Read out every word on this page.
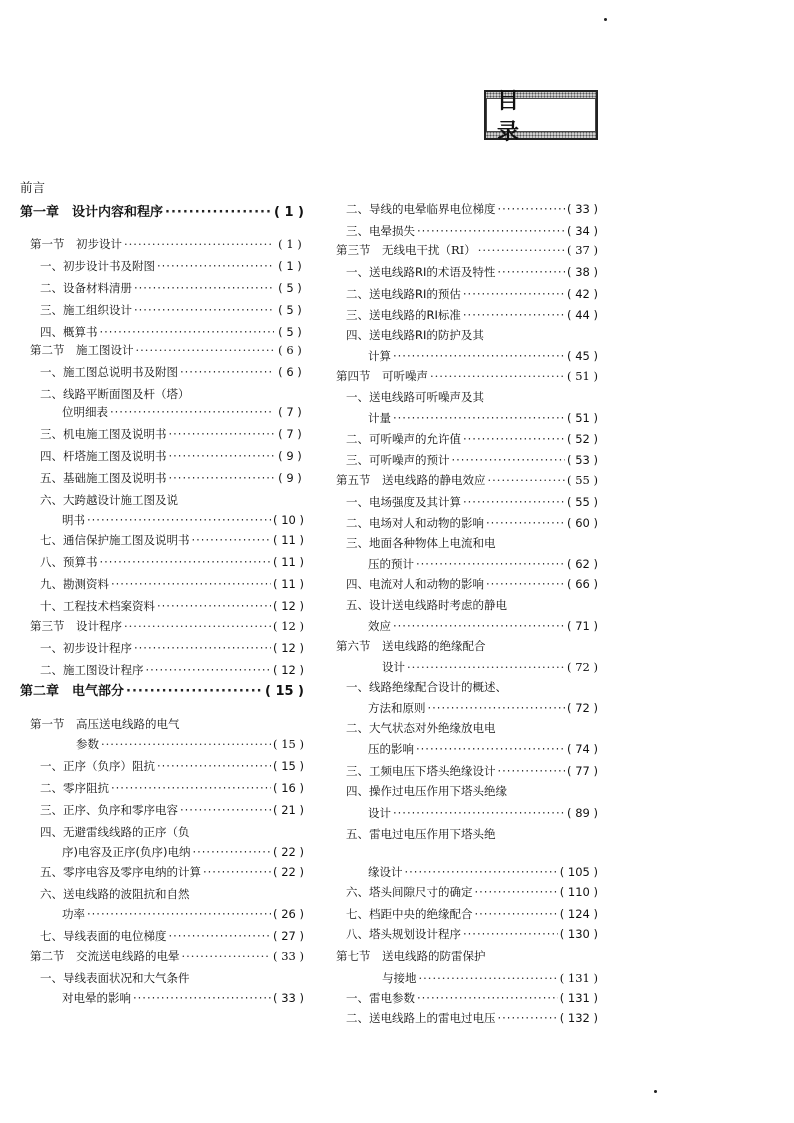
目 录
前言
第一章　设计内容和程序 ·····	( 1 )
第一节　初步设计 ·····	( 1 )
一、初步设计书及附图 ·····	( 1 )
二、设备材料清册 ·····	( 5 )
三、施工组织设计 ·····	( 5 )
四、概算书 ·····	( 5 )
第二节　施工图设计 ·····	( 6 )
一、施工图总说明书及附图 ·····	( 6 )
二、线路平断面图及杆（塔）
位明细表 ·····	( 7 )
三、机电施工图及说明书 ·····	( 7 )
四、杆塔施工图及说明书 ·····	( 9 )
五、基础施工图及说明书 ·····	( 9 )
六、大跨越设计施工图及说
明书 ·····	( 10 )
七、通信保护施工图及说明书 ·····	( 11 )
八、预算书 ·····	( 11 )
九、勘测资料 ·····	( 11 )
十、工程技术档案资料 ·····	( 12 )
第三节　设计程序 ·····	( 12 )
一、初步设计程序 ·····	( 12 )
二、施工图设计程序 ·····	( 12 )
第二章　电气部分 ·····	( 15 )
第一节　高压送电线路的电气
参数 ·····	( 15 )
一、正序（负序）阻抗 ·····	( 15 )
二、零序阻抗 ·····	( 16 )
三、正序、负序和零序电容 ·····	( 21 )
四、无避雷线线路的正序（负
序)电容及正序(负序)电纳 ·····	( 22 )
五、零序电容及零序电纳的计算 ·····	( 22 )
六、送电线路的波阻抗和自然
功率 ·····	( 26 )
七、导线表面的电位梯度 ·····	( 27 )
第二节　交流送电线路的电晕 ·····	( 33 )
一、导线表面状况和大气条件
对电晕的影响 ·····	( 33 )
二、导线的电晕临界电位梯度 ·····	( 33 )
三、电晕损失 ·····	( 34 )
第三节　无线电干扰（RI） ·····	( 37 )
一、送电线路RI的术语及特性 ·····	( 38 )
二、送电线路RI的预估 ·····	( 42 )
三、送电线路的RI标准 ·····	( 44 )
四、送电线路RI的防护及其
计算 ·····	( 45 )
第四节　可听噪声 ·····	( 51 )
一、送电线路可听噪声及其
计量 ·····	( 51 )
二、可听噪声的允许值 ·····	( 52 )
三、可听噪声的预计 ·····	( 53 )
第五节　送电线路的静电效应 ·····	( 55 )
一、电场强度及其计算 ·····	( 55 )
二、电场对人和动物的影响 ·····	( 60 )
三、地面各种物体上电流和电
压的预计 ·····	( 62 )
四、电流对人和动物的影响 ·····	( 66 )
五、设计送电线路时考虑的静电
效应 ·····	( 71 )
第六节　送电线路的绝缘配合
设计 ·····	( 72 )
一、线路绝缘配合设计的概述、
方法和原则 ·····	( 72 )
二、大气状态对外绝缘放电电
压的影响 ·····	( 74 )
三、工频电压下塔头绝缘设计 ·····	( 77 )
四、操作过电压作用下塔头绝缘
设计 ·····	( 89 )
五、雷电过电压作用下塔头绝
缘设计 ·····	( 105 )
六、塔头间隙尺寸的确定 ·····	( 110 )
七、档距中央的绝缘配合 ·····	( 124 )
八、塔头规划设计程序 ·····	( 130 )
第七节　送电线路的防雷保护
与接地 ·····	( 131 )
一、雷电参数 ·····	( 131 )
二、送电线路上的雷电过电压 ·····	( 132 )
